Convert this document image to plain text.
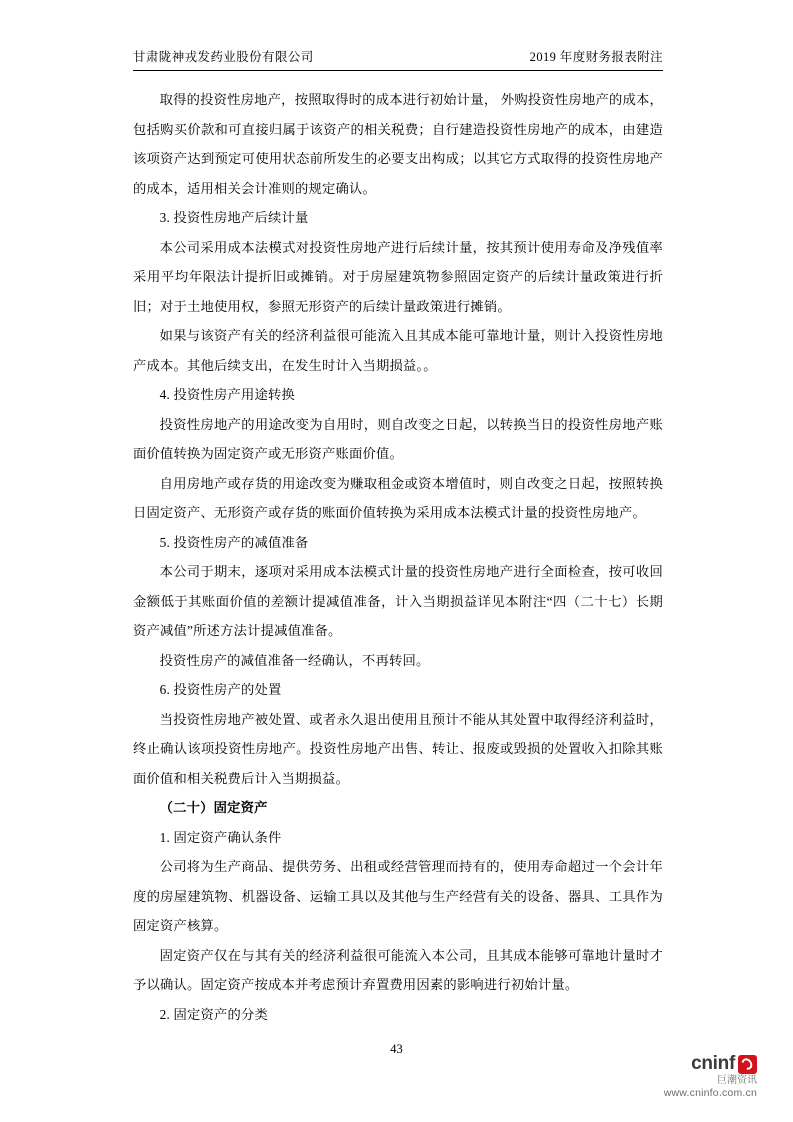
甘肃陇神戎发药业股份有限公司	2019 年度财务报表附注

取得的投资性房地产，按照取得时的成本进行初始计量， 外购投资性房地产的成本，包括购买价款和可直接归属于该资产的相关税费；自行建造投资性房地产的成本，由建造该项资产达到预定可使用状态前所发生的必要支出构成；以其它方式取得的投资性房地产的成本，适用相关会计准则的规定确认。

3. 投资性房地产后续计量

本公司采用成本法模式对投资性房地产进行后续计量，按其预计使用寿命及净残值率采用平均年限法计提折旧或摊销。对于房屋建筑物参照固定资产的后续计量政策进行折旧；对于土地使用权，参照无形资产的后续计量政策进行摊销。

如果与该资产有关的经济利益很可能流入且其成本能可靠地计量，则计入投资性房地产成本。其他后续支出，在发生时计入当期损益。。

4. 投资性房产用途转换

投资性房地产的用途改变为自用时，则自改变之日起，以转换当日的投资性房地产账面价值转换为固定资产或无形资产账面价值。

自用房地产或存货的用途改变为赚取租金或资本增值时，则自改变之日起，按照转换日固定资产、无形资产或存货的账面价值转换为采用成本法模式计量的投资性房地产。

5. 投资性房产的减值准备

本公司于期末，逐项对采用成本法模式计量的投资性房地产进行全面检查，按可收回金额低于其账面价值的差额计提减值准备，计入当期损益详见本附注“四（二十七）长期资产减值”所述方法计提减值准备。

投资性房产的减值准备一经确认，不再转回。

6. 投资性房产的处置

当投资性房地产被处置、或者永久退出使用且预计不能从其处置中取得经济利益时，终止确认该项投资性房地产。投资性房地产出售、转让、报废或毁损的处置收入扣除其账面价值和相关税费后计入当期损益。

（二十）固定资产

1. 固定资产确认条件

公司将为生产商品、提供劳务、出租或经营管理而持有的，使用寿命超过一个会计年度的房屋建筑物、机器设备、运输工具以及其他与生产经营有关的设备、器具、工具作为固定资产核算。

固定资产仅在与其有关的经济利益很可能流入本公司，且其成本能够可靠地计量时才予以确认。固定资产按成本并考虑预计弃置费用因素的影响进行初始计量。

2. 固定资产的分类

43
cninf
巨潮资讯
www.cninfo.com.cn
